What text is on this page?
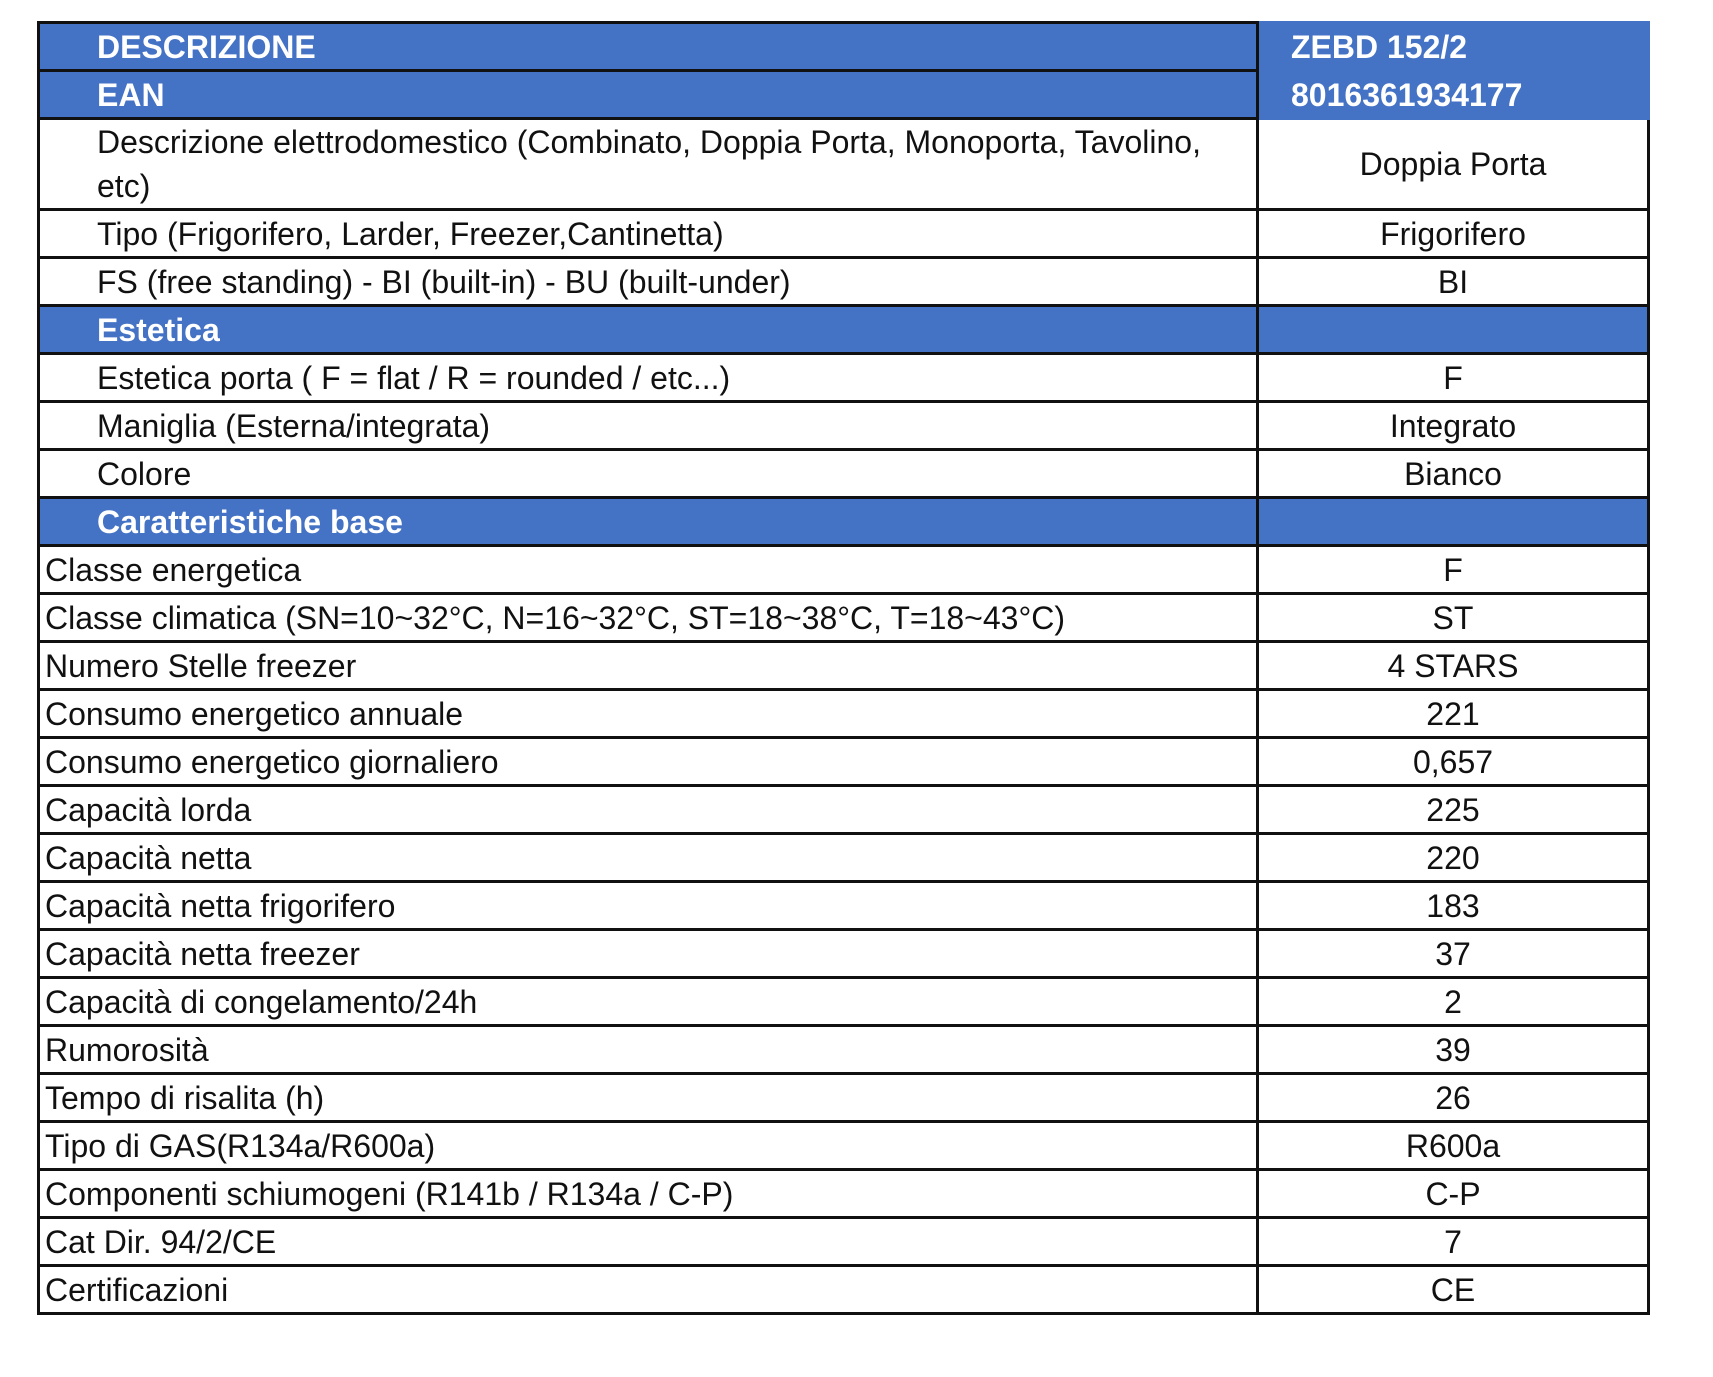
DESCRIZIONE	ZEBD 152/2
EAN	8016361934177
Descrizione elettrodomestico (Combinato, Doppia Porta, Monoporta, Tavolino, etc)	Doppia Porta
Tipo (Frigorifero, Larder, Freezer,Cantinetta)	Frigorifero
FS (free standing) - BI (built-in) - BU (built-under)	BI
Estetica	
Estetica porta ( F = flat / R = rounded / etc...)	F
Maniglia (Esterna/integrata)	Integrato
Colore	Bianco
Caratteristiche base	
Classe energetica	F
Classe climatica (SN=10~32°C, N=16~32°C, ST=18~38°C, T=18~43°C)	ST
Numero Stelle freezer	4 STARS
Consumo energetico annuale	221
Consumo energetico giornaliero	0,657
Capacità lorda	225
Capacità netta	220
Capacità netta frigorifero	183
Capacità netta freezer	37
Capacità di congelamento/24h	2
Rumorosità	39
Tempo di risalita (h)	26
Tipo di GAS(R134a/R600a)	R600a
Componenti schiumogeni (R141b / R134a / C-P)	C-P
Cat Dir. 94/2/CE	7
Certificazioni	CE
